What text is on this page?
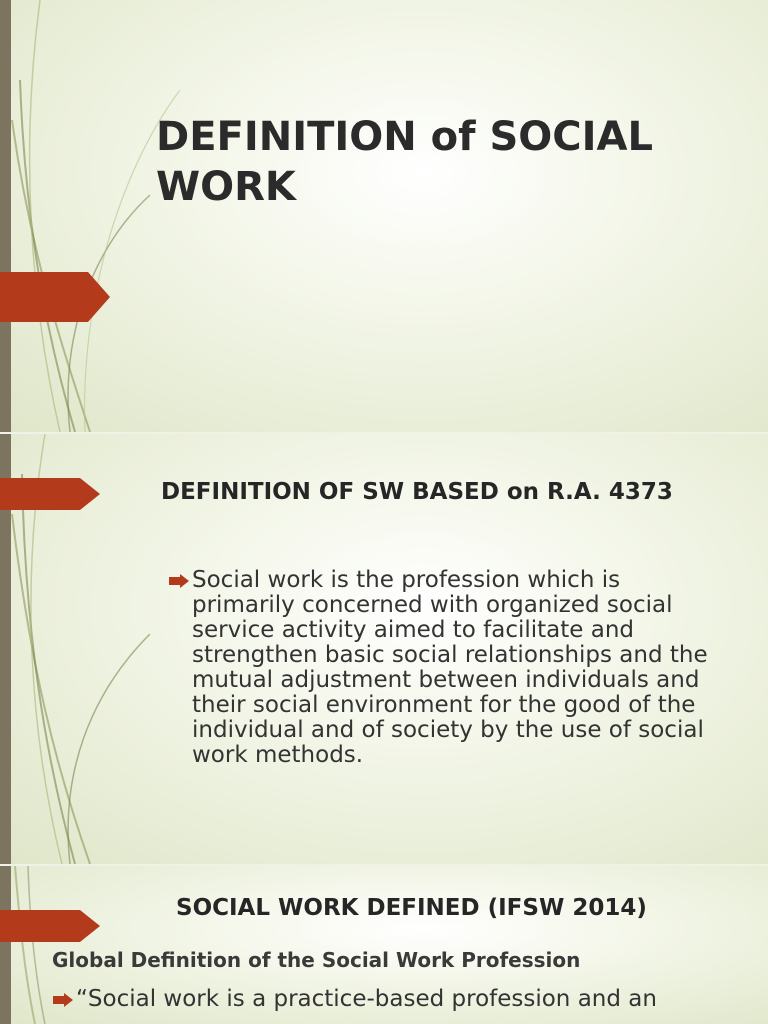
DEFINITION of SOCIAL WORK
DEFINITION OF SW BASED on R.A. 4373

Social work is the profession which is primarily concerned with organized social service activity aimed to facilitate and strengthen basic social relationships and the mutual adjustment between individuals and their social environment for the good of the individual and of society by the use of social work methods.

SOCIAL WORK DEFINED (IFSW 2014)
Global Definition of the Social Work Profession

“Social work is a practice-based profession and an
